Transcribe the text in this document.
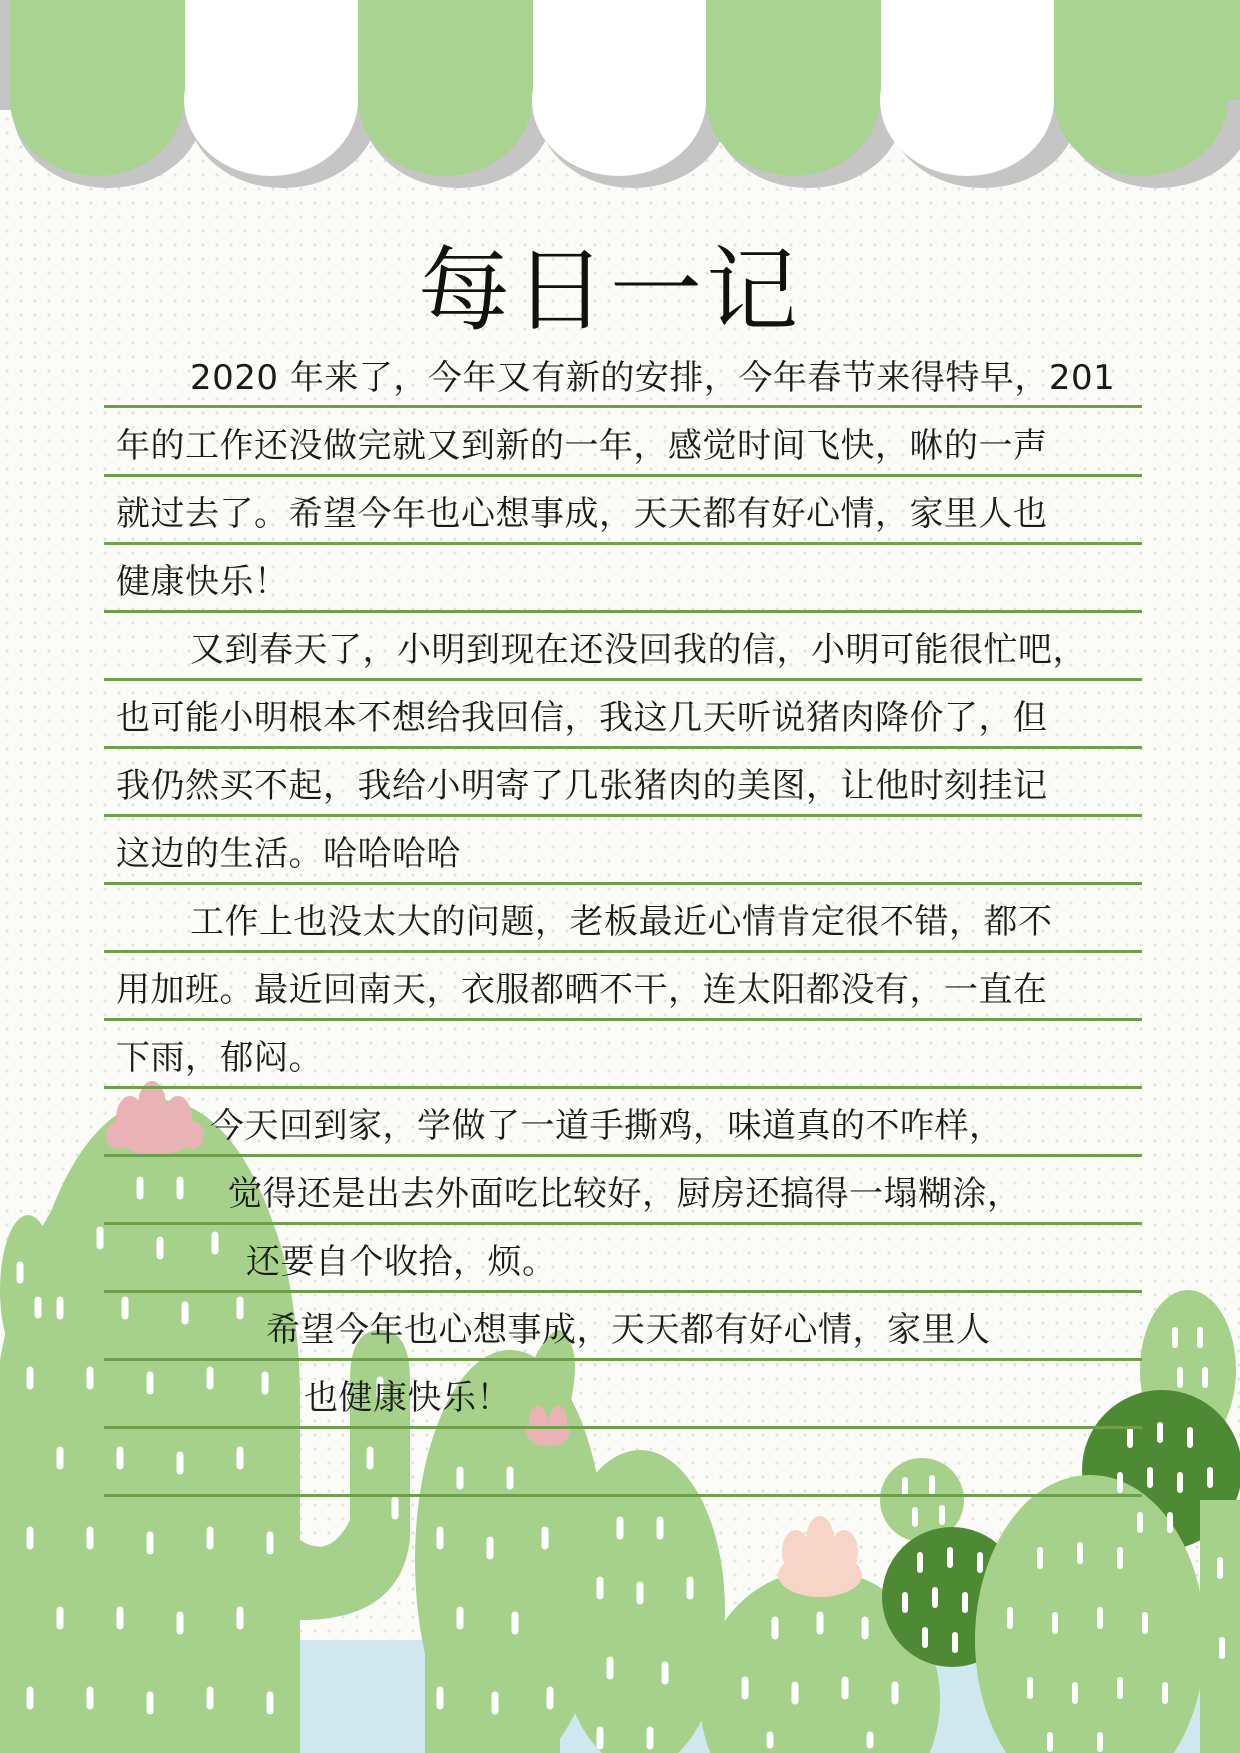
每日一记
2020 年来了，今年又有新的安排，今年春节来得特早，201
年的工作还没做完就又到新的一年，感觉时间飞快，咻的一声
就过去了。希望今年也心想事成，天天都有好心情，家里人也
健康快乐！
又到春天了，小明到现在还没回我的信，小明可能很忙吧，
也可能小明根本不想给我回信，我这几天听说猪肉降价了，但
我仍然买不起，我给小明寄了几张猪肉的美图，让他时刻挂记
这边的生活。哈哈哈哈
工作上也没太大的问题，老板最近心情肯定很不错，都不
用加班。最近回南天，衣服都晒不干，连太阳都没有，一直在
下雨，郁闷。
今天回到家，学做了一道手撕鸡，味道真的不咋样，
觉得还是出去外面吃比较好，厨房还搞得一塌糊涂，
还要自个收拾，烦。
希望今年也心想事成，天天都有好心情，家里人
也健康快乐！
